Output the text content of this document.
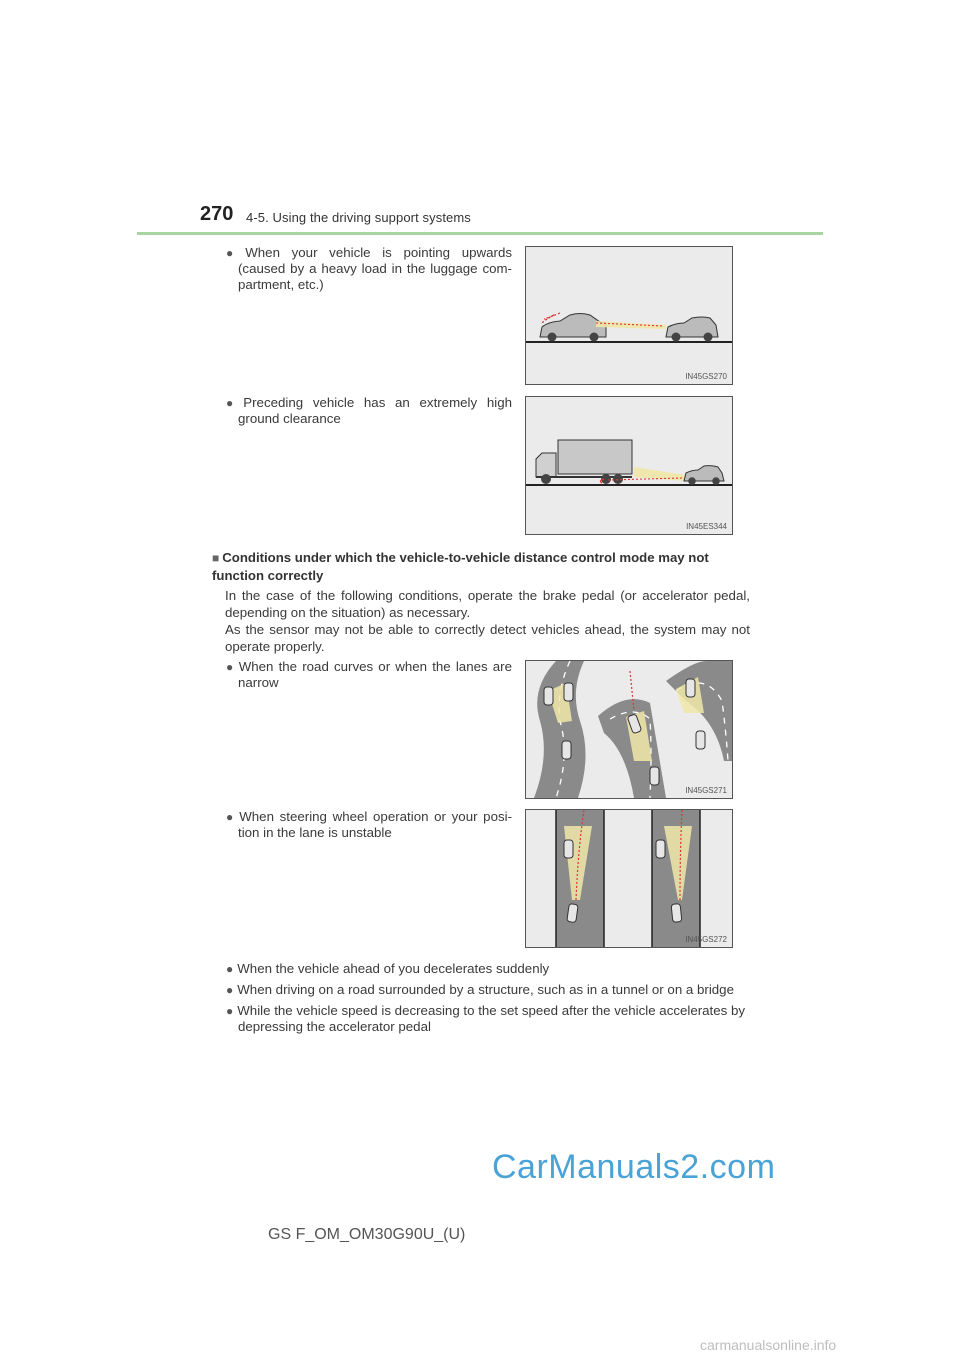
270 4-5. Using the driving support systems
● When your vehicle is pointing upwards (caused by a heavy load in the luggage com-partment, etc.)
IN45GS270
● Preceding vehicle has an extremely high ground clearance
IN45ES344
■ Conditions under which the vehicle-to-vehicle distance control mode may not function correctly
In the case of the following conditions, operate the brake pedal (or accelerator pedal, depending on the situation) as necessary.
As the sensor may not be able to correctly detect vehicles ahead, the system may not operate properly.
● When the road curves or when the lanes are narrow
IN45GS271
● When steering wheel operation or your posi-tion in the lane is unstable
IN45GS272
● When the vehicle ahead of you decelerates suddenly
● When driving on a road surrounded by a structure, such as in a tunnel or on a bridge
● While the vehicle speed is decreasing to the set speed after the vehicle accelerates by depressing the accelerator pedal
CarManuals2.com
GS F_OM_OM30G90U_(U)
carmanualsonline.info
